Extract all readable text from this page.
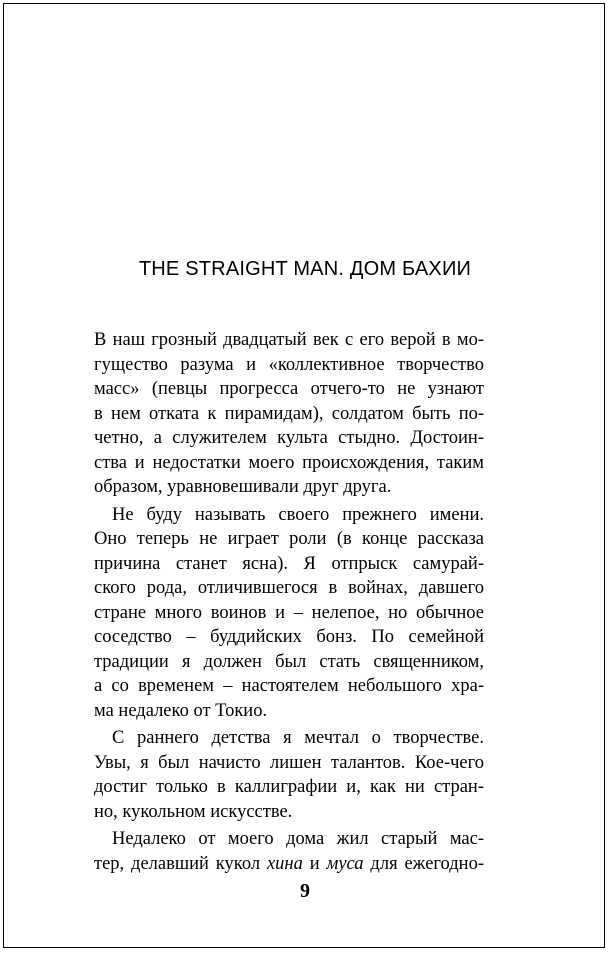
THE STRAIGHT MAN. ДОМ БАХИИ
В наш грозный двадцатый век с его верой в мо-
гущество разума и «коллективное творчество
масс» (певцы прогресса отчего-то не узнают
в нем отката к пирамидам), солдатом быть по-
четно, а служителем культа стыдно. Достоин-
ства и недостатки моего происхождения, таким
образом, уравновешивали друг друга.
Не буду называть своего прежнего имени.
Оно теперь не играет роли (в конце рассказа
причина станет ясна). Я отпрыск самурай-
ского рода, отличившегося в войнах, давшего
стране много воинов и – нелепое, но обычное
соседство – буддийских бонз. По семейной
традиции я должен был стать священником,
а со временем – настоятелем небольшого хра-
ма недалеко от Токио.
С раннего детства я мечтал о творчестве.
Увы, я был начисто лишен талантов. Кое-чего
достиг только в каллиграфии и, как ни стран-
но, кукольном искусстве.
Недалеко от моего дома жил старый мас-
тер, делавший кукол хина и муса для ежегодно-
9
